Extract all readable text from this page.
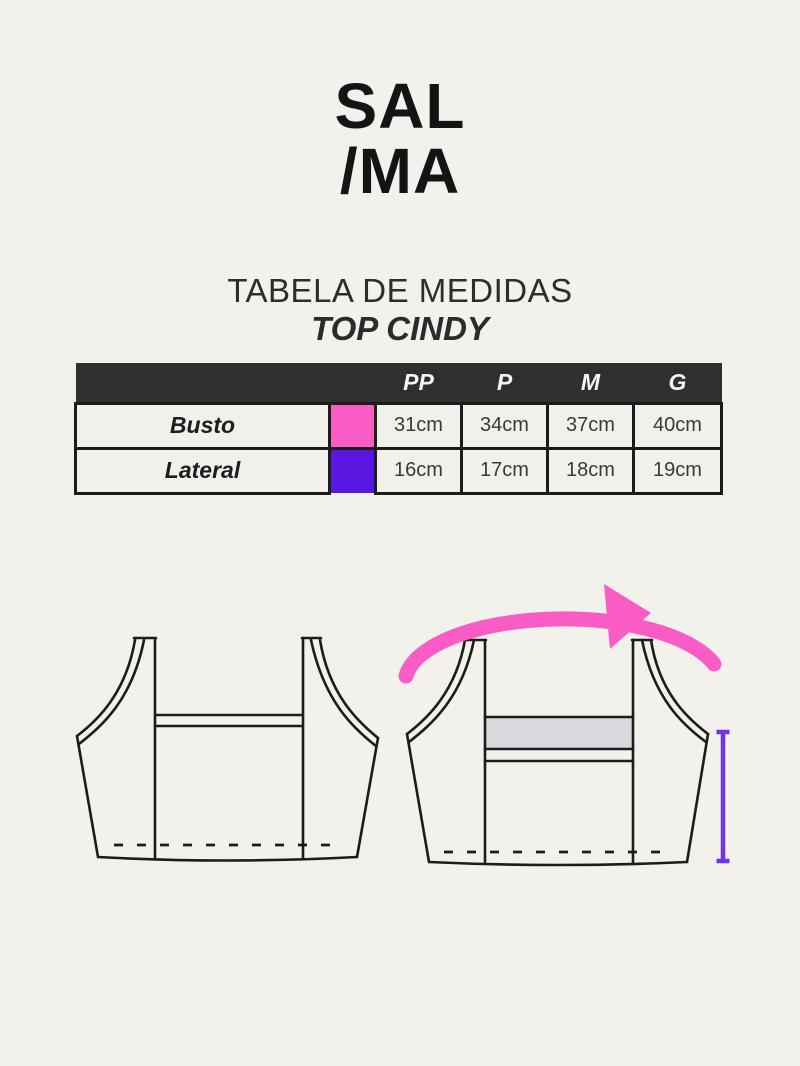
SAL
/MA
TABELA DE MEDIDAS
TOP CINDY
		PP	P	M	G
Busto		31cm	34cm	37cm	40cm
Lateral		16cm	17cm	18cm	19cm
